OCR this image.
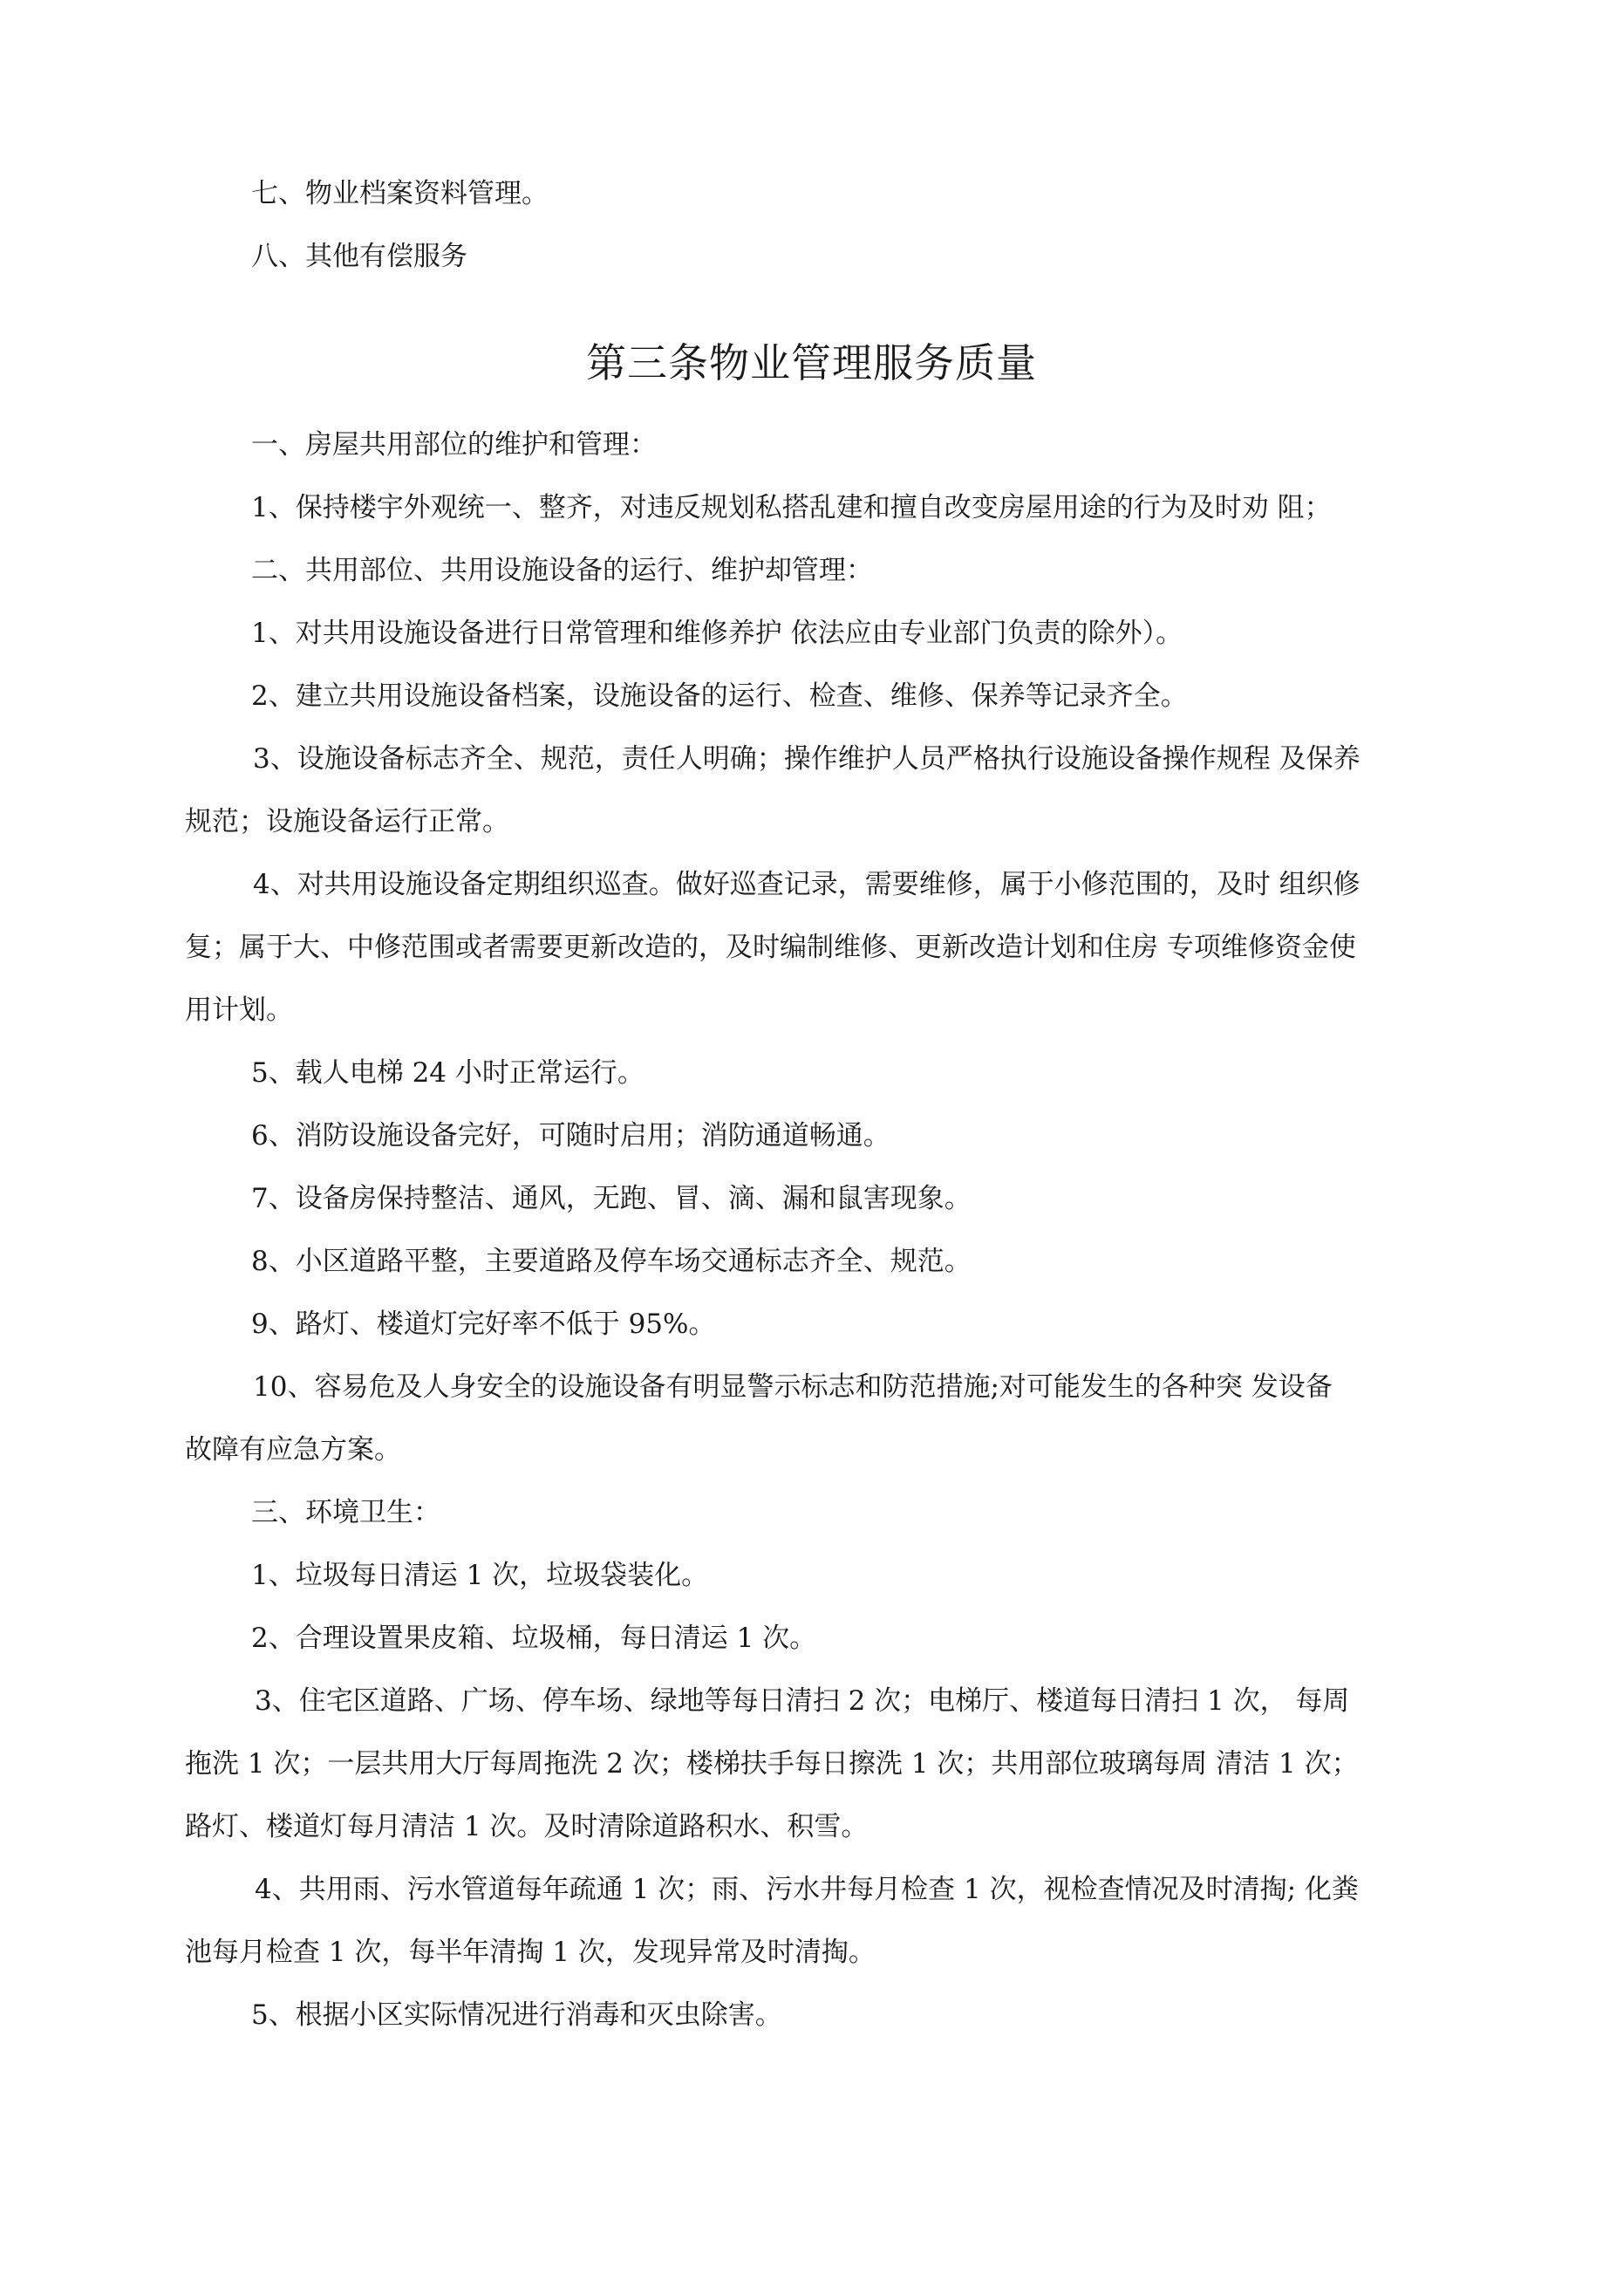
七、物业档案资料管理。
八、其他有偿服务
第三条物业管理服务质量
一、房屋共用部位的维护和管理：
1、保持楼宇外观统一、整齐，对违反规划私搭乱建和擅自改变房屋用途的行为及时劝 阻；
二、共用部位、共用设施设备的运行、维护却管理：
1、对共用设施设备进行日常管理和维修养护 依法应由专业部门负责的除外）。
2、建立共用设施设备档案，设施设备的运行、检查、维修、保养等记录齐全。
3、设施设备标志齐全、规范，责任人明确；操作维护人员严格执行设施设备操作规程 及保养
规范；设施设备运行正常。
4、对共用设施设备定期组织巡查。做好巡查记录，需要维修，属于小修范围的，及时 组织修
复；属于大、中修范围或者需要更新改造的，及时编制维修、更新改造计划和住房 专项维修资金使
用计划。
5、载人电梯 24 小时正常运行。
6、消防设施设备完好，可随时启用；消防通道畅通。
7、设备房保持整洁、通风，无跑、冒、滴、漏和鼠害现象。
8、小区道路平整，主要道路及停车场交通标志齐全、规范。
9、路灯、楼道灯完好率不低于 95%。
10、容易危及人身安全的设施设备有明显警示标志和防范措施;对可能发生的各种突 发设备
故障有应急方案。
三、环境卫生：
1、垃圾每日清运 1 次，垃圾袋装化。
2、合理设置果皮箱、垃圾桶，每日清运 1 次。
3、住宅区道路、广场、停车场、绿地等每日清扫 2 次；电梯厅、楼道每日清扫 1 次， 每周
拖洗 1 次；一层共用大厅每周拖洗 2 次；楼梯扶手每日擦洗 1 次；共用部位玻璃每周 清洁 1 次；
路灯、楼道灯每月清洁 1 次。及时清除道路积水、积雪。
4、共用雨、污水管道每年疏通 1 次；雨、污水井每月检查 1 次，视检查情况及时清掏; 化粪
池每月检查 1 次，每半年清掏 1 次，发现异常及时清掏。
5、根据小区实际情况进行消毒和灭虫除害。
